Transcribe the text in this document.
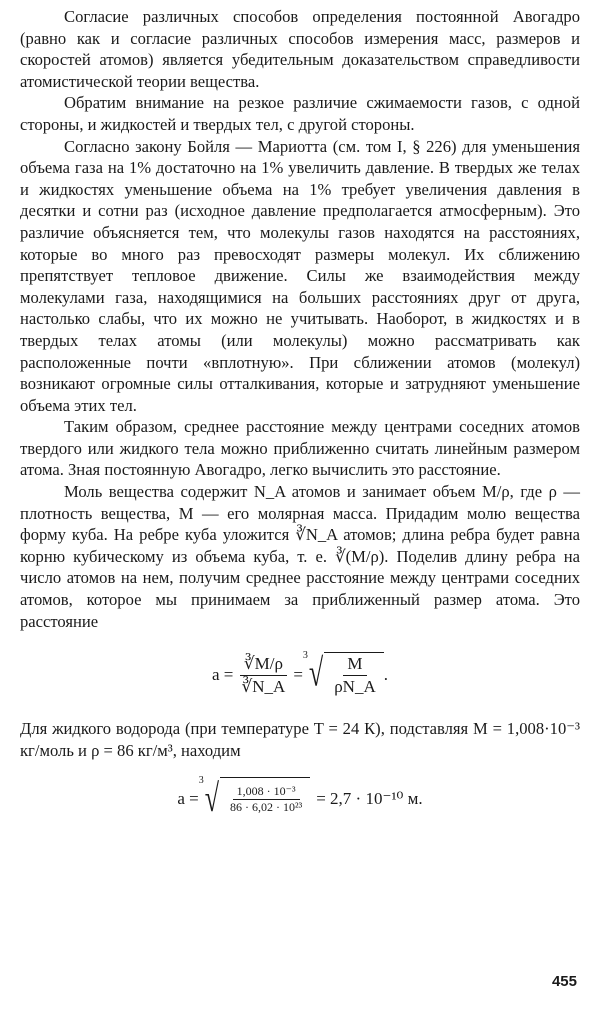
Согласие различных способов определения постоянной Авогадро (равно как и согласие различных способов измерения масс, размеров и скоростей атомов) является убедительным доказательством справедливости атомистической теории вещества.

Обратим внимание на резкое различие сжимаемости газов, с одной стороны, и жидкостей и твердых тел, с другой стороны.

Согласно закону Бойля — Мариотта (см. том I, § 226) для уменьшения объема газа на 1% достаточно на 1% увеличить давление. В твердых же телах и жидкостях уменьшение объема на 1% требует увеличения давления в десятки и сотни раз (исходное давление предполагается атмосферным). Это различие объясняется тем, что молекулы газов находятся на расстояниях, которые во много раз превосходят размеры молекул. Их сближению препятствует тепловое движение. Силы же взаимодействия между молекулами газа, находящимися на больших расстояниях друг от друга, настолько слабы, что их можно не учитывать. Наоборот, в жидкостях и в твердых телах атомы (или молекулы) можно рассматривать как расположенные почти «вплотную». При сближении атомов (молекул) возникают огромные силы отталкивания, которые и затрудняют уменьшение объема этих тел.

Таким образом, среднее расстояние между центрами соседних атомов твердого или жидкого тела можно приближенно считать линейным размером атома. Зная постоянную Авогадро, легко вычислить это расстояние.

Моль вещества содержит N_A атомов и занимает объем M/ρ, где ρ — плотность вещества, M — его молярная масса. Придадим молю вещества форму куба. На ребре куба уложится ∛N_A атомов; длина ребра будет равна корню кубическому из объема куба, т. е. ∛(M/ρ). Поделив длину ребра на число атомов на нем, получим среднее расстояние между центрами соседних атомов, которое мы принимаем за приближенный размер атома. Это расстояние

$a = \frac{∛M/\rho}{∛N\_A}$ =
3 √ $\frac{M}{\rho N\_A}$ .

Для жидкого водорода (при температуре T = 24 К), подставляя M = 1,008·10⁻³ кг/моль и ρ = 86 кг/м³, находим

a =
3 √ $\frac{\text{1,008 · 10⁻³}}{\text{86 · 6,02 · 10²³}} = 2,7 \cdot 10^{-10}$ м.
455
